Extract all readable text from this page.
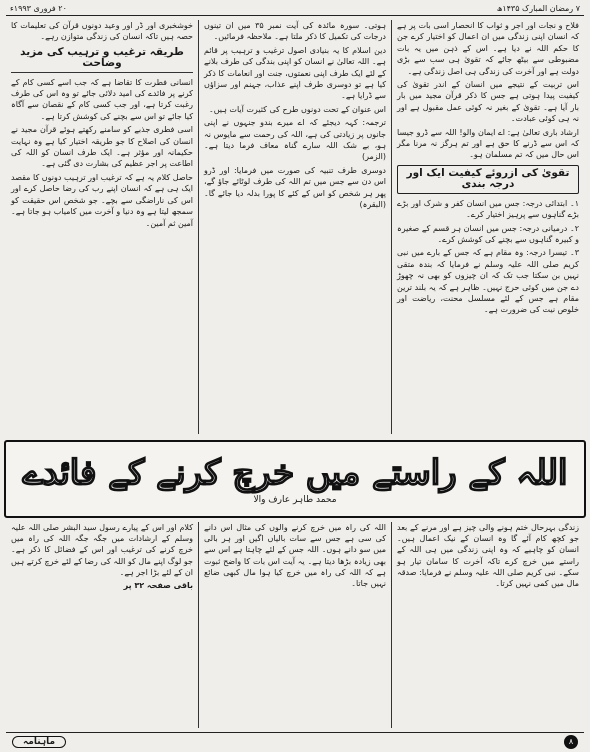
۷ رمضان المبارک ۱۴۳۵ھ
۲۰ فروری ۱۹۹۳ء

فلاح و نجات اور اجر و ثواب کا انحصار اسی بات پر ہے کہ انسان اپنی زندگی میں ان اعمال کو اختیار کرے جن کا حکم اللہ نے دیا ہے۔ اس کے ذہن میں یہ بات مضبوطی سے بیٹھ جائے کہ تقویٰ ہی سب سے بڑی دولت ہے اور آخرت کی زندگی ہی اصل زندگی ہے۔

اس تربیت کے نتیجے میں انسان کے اندر تقویٰ کی کیفیت پیدا ہوتی ہے جس کا ذکر قرآن مجید میں بار بار آیا ہے۔ تقویٰ کے بغیر نہ کوئی عمل مقبول ہے اور نہ ہی کوئی عبادت۔

ارشاد باری تعالیٰ ہے: اے ایمان والو! اللہ سے ڈرو جیسا کہ اس سے ڈرنے کا حق ہے اور تم ہرگز نہ مرنا مگر اس حال میں کہ تم مسلمان ہو۔

تقویٰ کی ازروئے کیفیت ایک اور درجہ بندی

۱۔ ابتدائی درجہ: جس میں انسان کفر و شرک اور بڑے بڑے گناہوں سے پرہیز اختیار کرے۔

۲۔ درمیانی درجہ: جس میں انسان ہر قسم کے صغیرہ و کبیرہ گناہوں سے بچنے کی کوشش کرے۔

۳۔ تیسرا درجہ: وہ مقام ہے کہ جس کے بارے میں نبی کریم صلی اللہ علیہ وسلم نے فرمایا کہ بندہ متقی نہیں بن سکتا جب تک کہ ان چیزوں کو بھی نہ چھوڑ دے جن میں کوئی حرج نہیں۔ ظاہر ہے کہ یہ بلند ترین مقام ہے جس کے لئے مسلسل محنت، ریاضت اور خلوص نیت کی ضرورت ہے۔

ہوتی۔ سورہ مائدہ کی آیت نمبر ۳۵ میں ان تینوں درجات کی تکمیل کا ذکر ملتا ہے۔ ملاحظہ فرمائیں۔

دین اسلام کا یہ بنیادی اصول ترغیب و ترہیب پر قائم ہے۔ اللہ تعالیٰ نے انسان کو اپنی بندگی کی طرف بلانے کے لئے ایک طرف اپنی نعمتوں، جنت اور انعامات کا ذکر کیا ہے تو دوسری طرف اپنے عذاب، جہنم اور سزاؤں سے ڈرایا ہے۔

اس عنوان کے تحت دونوں طرح کی کثیرت آیات ہیں۔

ترجمہ: کہہ دیجئے کہ اے میرے بندو جنہوں نے اپنی جانوں پر زیادتی کی ہے، اللہ کی رحمت سے مایوس نہ ہو، بے شک اللہ سارے گناہ معاف فرما دیتا ہے۔ (الزمر)

دوسری طرف تنبیہ کی صورت میں فرمایا: اور ڈرو اس دن سے جس میں تم اللہ کی طرف لوٹائے جاؤ گے، پھر ہر شخص کو اس کے کئے کا پورا بدلہ دیا جائے گا۔ (البقرہ)

خوشخبری اور ڈر اور وعید دونوں قرآن کی تعلیمات کا حصہ ہیں تاکہ انسان کی زندگی متوازن رہے۔

طریقہ ترغیب و ترہیب کی مزید وضاحت

انسانی فطرت کا تقاضا ہے کہ جب اسے کسی کام کے کرنے پر فائدے کی امید دلائی جائے تو وہ اس کی طرف رغبت کرتا ہے، اور جب کسی کام کے نقصان سے آگاہ کیا جائے تو اس سے بچنے کی کوشش کرتا ہے۔

اسی فطری جذبے کو سامنے رکھتے ہوئے قرآن مجید نے انسان کی اصلاح کا جو طریقہ اختیار کیا ہے وہ نہایت حکیمانہ اور مؤثر ہے۔ ایک طرف انسان کو اللہ کی اطاعت پر اجر عظیم کی بشارت دی گئی ہے۔

حاصل کلام یہ ہے کہ ترغیب اور ترہیب دونوں کا مقصد ایک ہی ہے کہ انسان اپنے رب کی رضا حاصل کرے اور اس کی ناراضگی سے بچے۔ جو شخص اس حقیقت کو سمجھ لیتا ہے وہ دنیا و آخرت میں کامیاب ہو جاتا ہے۔ آمین ثم آمین۔

اللہ کے راستے میں خرچ کرنے کے فائدے
محمد طاہر عارف والا

زندگی بہرحال ختم ہونے والی چیز ہے اور مرنے کے بعد جو کچھ کام آئے گا وہ انسان کے نیک اعمال ہیں۔ انسان کو چاہیے کہ وہ اپنی زندگی میں ہی اللہ کے راستے میں خرچ کرے تاکہ آخرت کا سامان تیار ہو سکے۔ نبی کریم صلی اللہ علیہ وسلم نے فرمایا: صدقہ مال میں کمی نہیں کرتا۔

اللہ کی راہ میں خرچ کرنے والوں کی مثال اس دانے کی سی ہے جس سے سات بالیاں اگیں اور ہر بالی میں سو دانے ہوں۔ اللہ جس کے لئے چاہتا ہے اس سے بھی زیادہ بڑھا دیتا ہے۔ یہ آیت اس بات کا واضح ثبوت ہے کہ اللہ کی راہ میں خرچ کیا ہوا مال کبھی ضائع نہیں جاتا۔

کلام اور اس کے پیارے رسول سید البشر صلی اللہ علیہ وسلم کے ارشادات میں جگہ جگہ اللہ کی راہ میں خرچ کرنے کی ترغیب اور اس کے فضائل کا ذکر ہے۔ جو لوگ اپنے مال کو اللہ کی رضا کے لئے خرچ کرتے ہیں ان کے لئے بڑا اجر ہے۔

باقی صفحہ ۳۲ پر

۸
ماہنامہ
